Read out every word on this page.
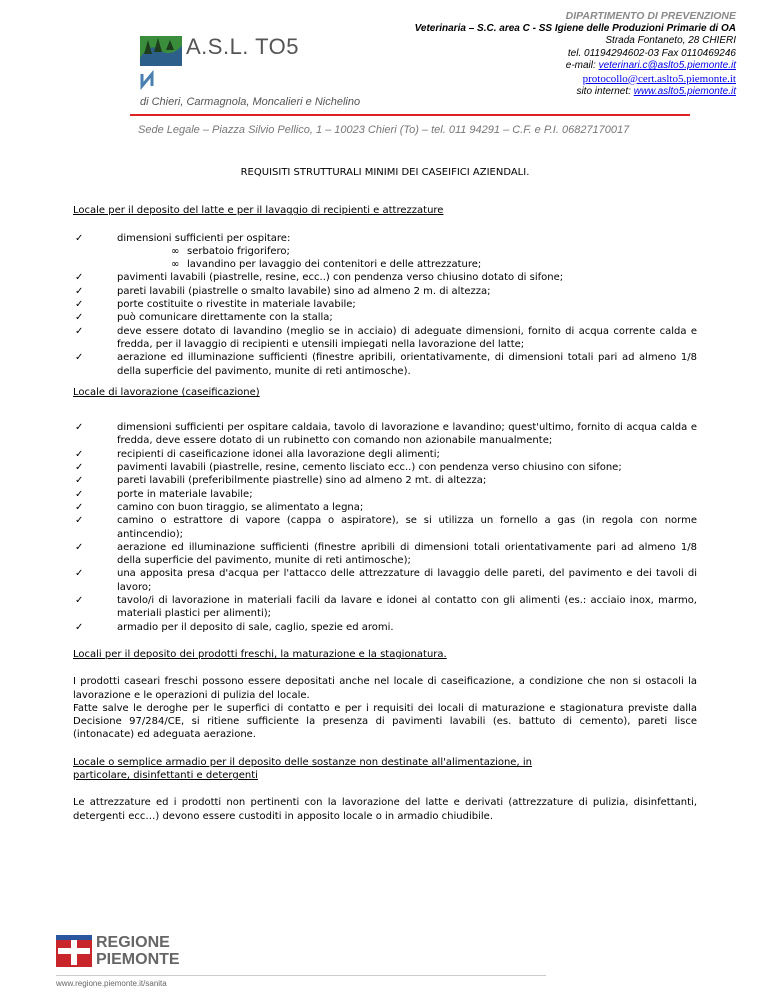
DIPARTIMENTO DI PREVENZIONE
Veterinaria – S.C. area C - SS Igiene delle Produzioni Primarie di OA
Strada Fontaneto, 28 CHIERI
tel. 01194294602-03 Fax 0110469246
e-mail: veterinari.c@aslto5.piemonte.it
protocollo@cert.aslto5.piemonte.it
sito internet: www.aslto5.piemonte.it
A.S.L. TO5
di Chieri, Carmagnola, Moncalieri e Nichelino
Sede Legale – Piazza Silvio Pellico, 1 – 10023 Chieri (To) – tel. 011 94291 – C.F. e P.I. 06827170017
REQUISITI STRUTTURALI MINIMI DEI CASEIFICI AZIENDALI.
Locale per il deposito del latte e per il lavaggio di recipienti e attrezzature
✓ dimensioni sufficienti per ospitare:
∞ serbatoio frigorifero;
∞ lavandino per lavaggio dei contenitori e delle attrezzature;
✓ pavimenti lavabili (piastrelle, resine, ecc..) con pendenza verso chiusino dotato di sifone;
✓ pareti lavabili (piastrelle o smalto lavabile) sino ad almeno 2 m. di altezza;
✓ porte costituite o rivestite in materiale lavabile;
✓ può comunicare direttamente con la stalla;
✓ deve essere dotato di lavandino (meglio se in acciaio) di adeguate dimensioni, fornito di acqua corrente calda e fredda, per il lavaggio di recipienti e utensili impiegati nella lavorazione del latte;
✓ aerazione ed illuminazione sufficienti (finestre apribili, orientativamente, di dimensioni totali pari ad almeno 1/8 della superficie del pavimento, munite di reti antimosche).
Locale di lavorazione (caseificazione)
✓ dimensioni sufficienti per ospitare caldaia, tavolo di lavorazione e lavandino; quest'ultimo, fornito di acqua calda e fredda, deve essere dotato di un rubinetto con comando non azionabile manualmente;
✓ recipienti di caseificazione idonei alla lavorazione degli alimenti;
✓ pavimenti lavabili (piastrelle, resine, cemento lisciato ecc..) con pendenza verso chiusino con sifone;
✓ pareti lavabili (preferibilmente piastrelle) sino ad almeno 2 mt. di altezza;
✓ porte in materiale lavabile;
✓ camino con buon tiraggio, se alimentato a legna;
✓ camino o estrattore di vapore (cappa o aspiratore), se si utilizza un fornello a gas (in regola con norme antincendio);
✓ aerazione ed illuminazione sufficienti (finestre apribili di dimensioni totali orientativamente pari ad almeno 1/8 della superficie del pavimento, munite di reti antimosche);
✓ una apposita presa d'acqua per l'attacco delle attrezzature di lavaggio delle pareti, del pavimento e dei tavoli di lavoro;
✓ tavolo/i di lavorazione in materiali facili da lavare e idonei al contatto con gli alimenti (es.: acciaio inox, marmo, materiali plastici per alimenti);
✓ armadio per il deposito di sale, caglio, spezie ed aromi.
Locali per il deposito dei prodotti freschi, la maturazione e la stagionatura.

I prodotti caseari freschi possono essere depositati anche nel locale di caseificazione, a condizione che non si ostacoli la lavorazione e le operazioni di pulizia del locale.

Fatte salve le deroghe per le superfici di contatto e per i requisiti dei locali di maturazione e stagionatura previste dalla Decisione 97/284/CE, si ritiene sufficiente la presenza di pavimenti lavabili (es. battuto di cemento), pareti lisce (intonacate) ed adeguata aerazione.

Locale o semplice armadio per il deposito delle sostanze non destinate all'alimentazione, in
particolare, disinfettanti e detergenti

Le attrezzature ed i prodotti non pertinenti con la lavorazione del latte e derivati (attrezzature di pulizia, disinfettanti, detergenti ecc…) devono essere custoditi in apposito locale o in armadio chiudibile.

REGIONE
PIEMONTE
www.regione.piemonte.it/sanita
